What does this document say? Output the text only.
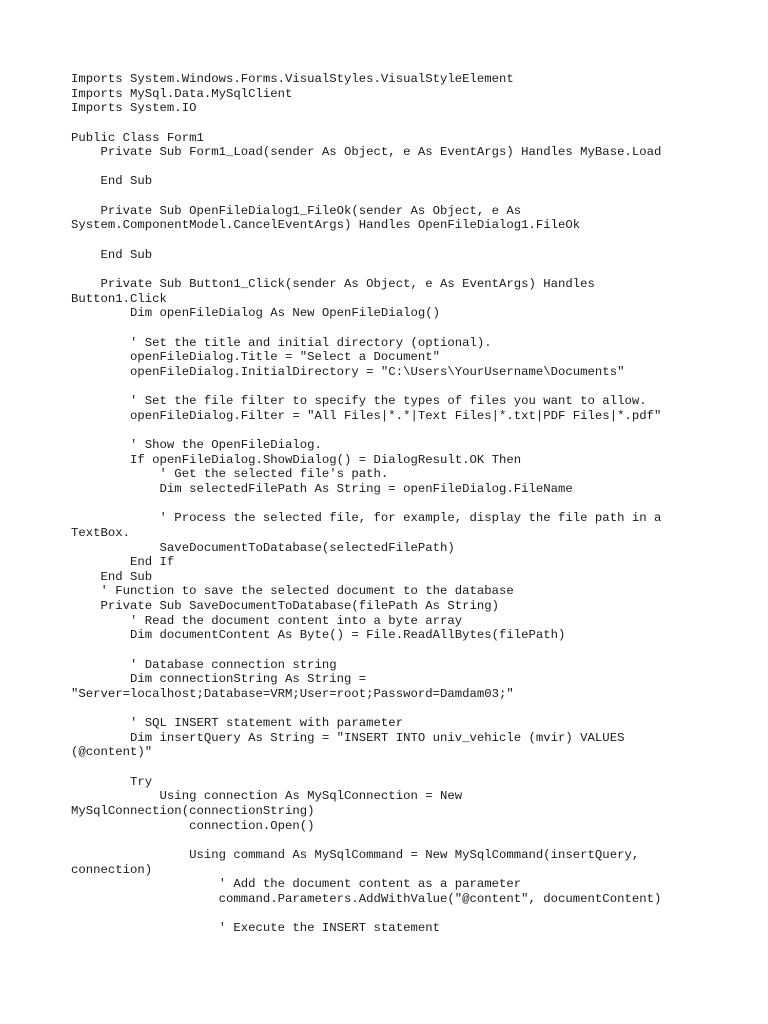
Imports System.Windows.Forms.VisualStyles.VisualStyleElement
Imports MySql.Data.MySqlClient
Imports System.IO
Public Class Form1
Private Sub Form1_Load(sender As Object, e As EventArgs) Handles MyBase.Load
End Sub
Private Sub OpenFileDialog1_FileOk(sender As Object, e As
System.ComponentModel.CancelEventArgs) Handles OpenFileDialog1.FileOk
End Sub
Private Sub Button1_Click(sender As Object, e As EventArgs) Handles
Button1.Click
Dim openFileDialog As New OpenFileDialog()
' Set the title and initial directory (optional).
openFileDialog.Title = "Select a Document"
openFileDialog.InitialDirectory = "C:\Users\YourUsername\Documents"
' Set the file filter to specify the types of files you want to allow.
openFileDialog.Filter = "All Files|*.*|Text Files|*.txt|PDF Files|*.pdf"
' Show the OpenFileDialog.
If openFileDialog.ShowDialog() = DialogResult.OK Then
' Get the selected file's path.
Dim selectedFilePath As String = openFileDialog.FileName
' Process the selected file, for example, display the file path in a
TextBox.
SaveDocumentToDatabase(selectedFilePath)
End If
End Sub
' Function to save the selected document to the database
Private Sub SaveDocumentToDatabase(filePath As String)
' Read the document content into a byte array
Dim documentContent As Byte() = File.ReadAllBytes(filePath)
' Database connection string
Dim connectionString As String =
"Server=localhost;Database=VRM;User=root;Password=Damdam03;"
' SQL INSERT statement with parameter
Dim insertQuery As String = "INSERT INTO univ_vehicle (mvir) VALUES
(@content)"
Try
Using connection As MySqlConnection = New
MySqlConnection(connectionString)
connection.Open()
Using command As MySqlCommand = New MySqlCommand(insertQuery,
connection)
' Add the document content as a parameter
command.Parameters.AddWithValue("@content", documentContent)
' Execute the INSERT statement
